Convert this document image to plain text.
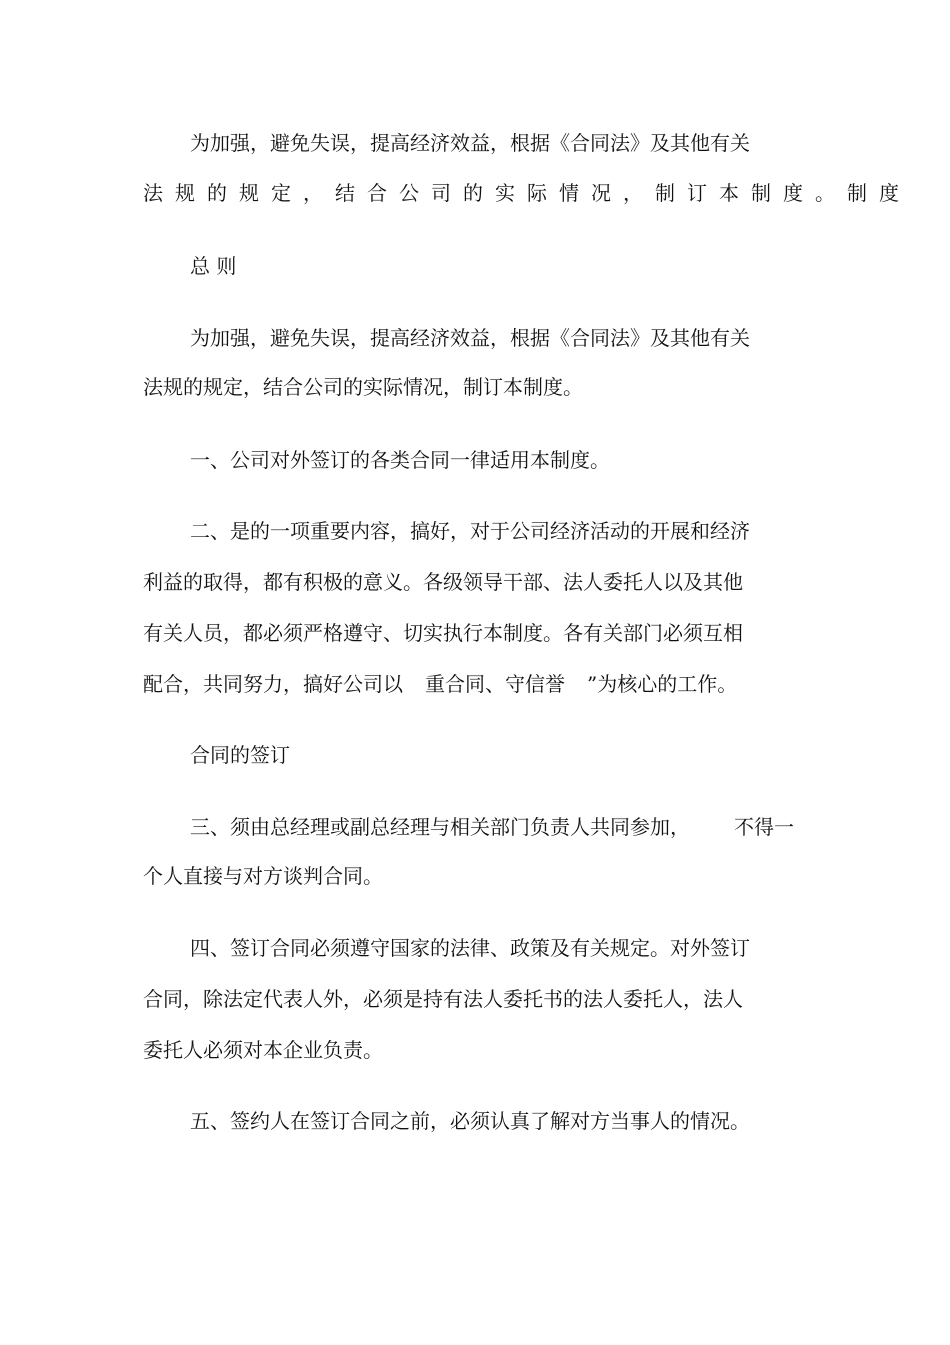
为加强，避免失误，提高经济效益，根据《合同法》及其他有关
法规的规定，结合公司的实际情况，制订本制度。制度
总 则
为加强，避免失误，提高经济效益，根据《合同法》及其他有关
法规的规定，结合公司的实际情况，制订本制度。
一、公司对外签订的各类合同一律适用本制度。
二、是的一项重要内容，搞好，对于公司经济活动的开展和经济
利益的取得，都有积极的意义。各级领导干部、法人委托人以及其他
有关人员，都必须严格遵守、切实执行本制度。各有关部门必须互相
配合，共同努力，搞好公司以 重合同、守信誉 ”为核心的工作。
合同的签订
三、须由总经理或副总经理与相关部门负责人共同参加， 不得一
个人直接与对方谈判合同。
四、签订合同必须遵守国家的法律、政策及有关规定。对外签订
合同，除法定代表人外，必须是持有法人委托书的法人委托人，法人
委托人必须对本企业负责。
五、签约人在签订合同之前，必须认真了解对方当事人的情况。
